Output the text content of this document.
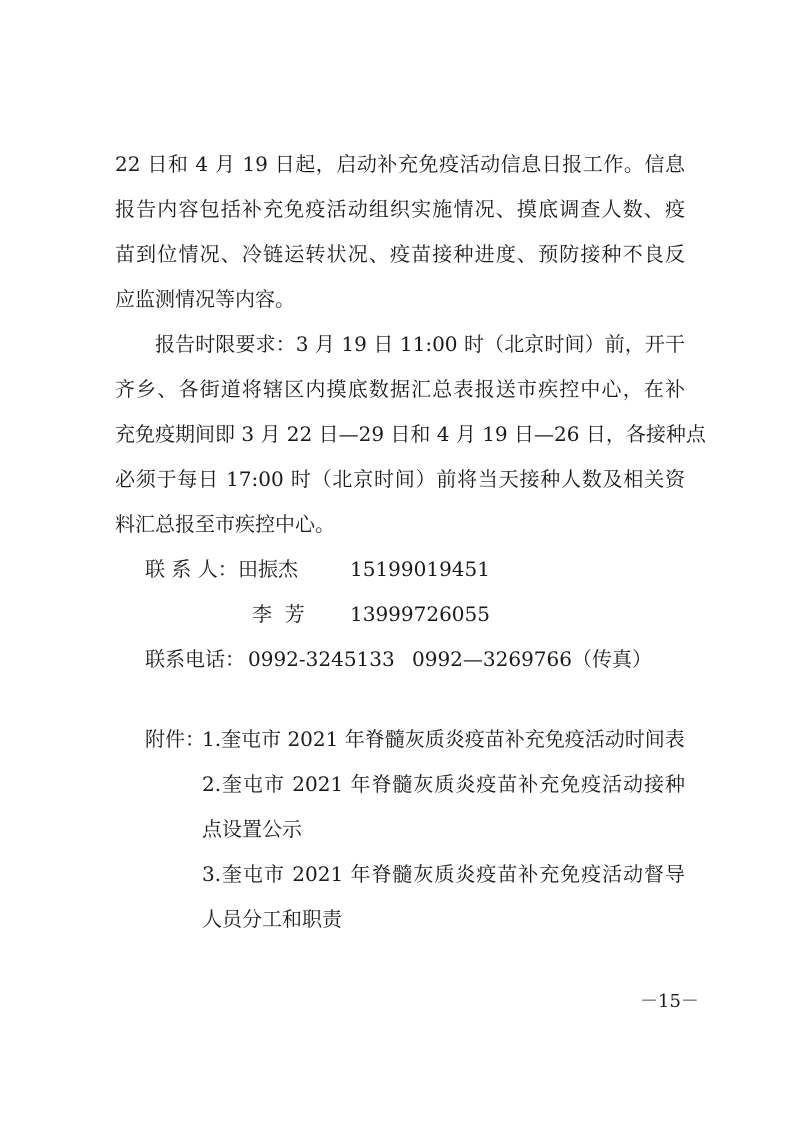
22 日和 4 月 19 日起，启动补充免疫活动信息日报工作。信息
报告内容包括补充免疫活动组织实施情况、摸底调查人数、疫
苗到位情况、冷链运转状况、疫苗接种进度、预防接种不良反
应监测情况等内容。
报告时限要求：3 月 19 日 11:00 时（北京时间）前，开干
齐乡、各街道将辖区内摸底数据汇总表报送市疾控中心，在补
充免疫期间即 3 月 22 日—29 日和 4 月 19 日—26 日，各接种点
必须于每日 17:00 时（北京时间）前将当天接种人数及相关资
料汇总报至市疾控中心。
联 系 人： 田振杰	15199019451
李  芳 13999726055
联系电话： 0992-3245133 0992—3269766（传真）
附件：
1.奎屯市 2021 年脊髓灰质炎疫苗补充免疫活动时间表
2.奎屯市 2021 年脊髓灰质炎疫苗补充免疫活动接种
点设置公示
3.奎屯市 2021 年脊髓灰质炎疫苗补充免疫活动督导
人员分工和职责
－15－
